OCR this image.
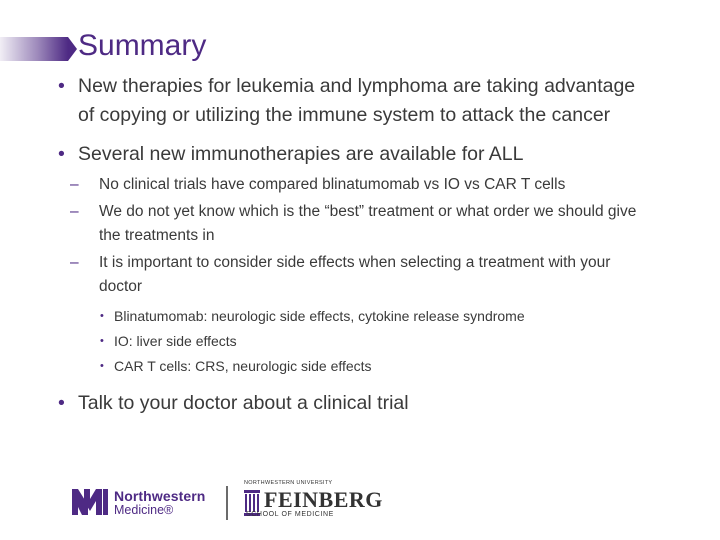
Summary

• New therapies for leukemia and lymphoma are taking advantage of copying or utilizing the immune system to attack the cancer

• Several new immunotherapies are available for ALL

– No clinical trials have compared blinatumomab vs IO vs CAR T cells

– We do not yet know which is the “best” treatment or what order we should give the treatments in

– It is important to consider side effects when selecting a treatment with your doctor

• Blinatumomab: neurologic side effects, cytokine release syndrome

• IO: liver side effects

• CAR T cells: CRS, neurologic side effects

• Talk to your doctor about a clinical trial

Northwestern
Medicine®
NORTHWESTERN UNIVERSITY
FEINBERG
SCHOOL OF MEDICINE
